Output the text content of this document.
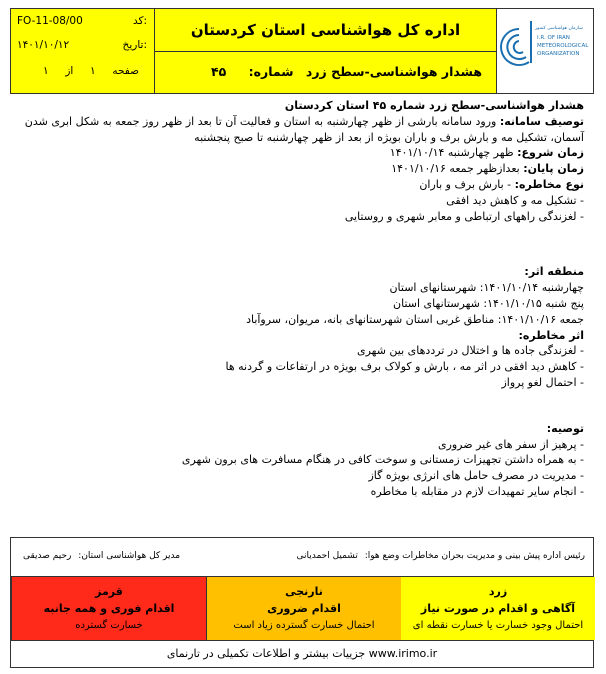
کد:
FO-11-08/00
تاریخ:
۱۴۰۱/۱۰/۱۲
صفحه     ۱     از     ۱
اداره کل هواشناسی استان کردستان
هشدار هواشناسی-سطح زرد
شماره: ۴۵
سازمان هواشناسی کشور
I.R. OF IRAN
METEOROLOGICAL
ORGANIZATION

هشدار هواشناسی-سطح زرد شماره ۴۵ استان کردستان

توصیف سامانه: ورود سامانه بارشی از ظهر چهارشنبه به استان و فعالیت آن تا بعد از ظهر روز جمعه به شکل ابری شدن آسمان، تشکیل مه و بارش برف و باران بویژه از بعد از ظهر چهارشنبه تا صبح پنجشنبه

زمان شروع: ظهر چهارشنبه ۱۴۰۱/۱۰/۱۴

زمان پایان: بعدازظهر جمعه ۱۴۰۱/۱۰/۱۶

نوع مخاطره: - بارش برف و باران

- تشکیل مه و کاهش دید افقی

- لغزندگی راههای ارتباطی و معابر شهری و روستایی

منطقه اثر:

چهارشنبه ۱۴۰۱/۱۰/۱۴: شهرستانهای استان

پنج شنبه ۱۴۰۱/۱۰/۱۵: شهرستانهای استان

جمعه ۱۴۰۱/۱۰/۱۶: مناطق غربی استان شهرستانهای بانه، مریوان، سروآباد

اثر مخاطره:

- لغزندگی جاده ها و اختلال در ترددهای بین شهری

- کاهش دید افقی در اثر مه ، بارش و کولاک برف بویژه در ارتفاعات و گردنه ها

- احتمال لغو پرواز

توصیه:

- پرهیز از سفر های غیر ضروری

- به همراه داشتن تجهیزات زمستانی و سوخت کافی در هنگام مسافرت های برون شهری

- مدیریت در مصرف حامل های انرژی بویژه گاز

- انجام سایر تمهیدات لازم در مقابله با مخاطره

رئیس اداره پیش بینی و مدیریت بحران مخاطرات وضع هوا: تشمیل احمدیانی
مدیر کل هواشناسی استان: رحیم صدیقی
قرمز
اقدام فوری و همه جانبه
خسارت گسترده
نارنجی
اقدام ضروری
احتمال خسارت گسترده زیاد است
زرد
آگاهی و اقدام در صورت نیاز
احتمال وجود خسارت یا خسارت نقطه ای
جزییات بیشتر و اطلاعات تکمیلی در تارنمای www.irimo.ir
